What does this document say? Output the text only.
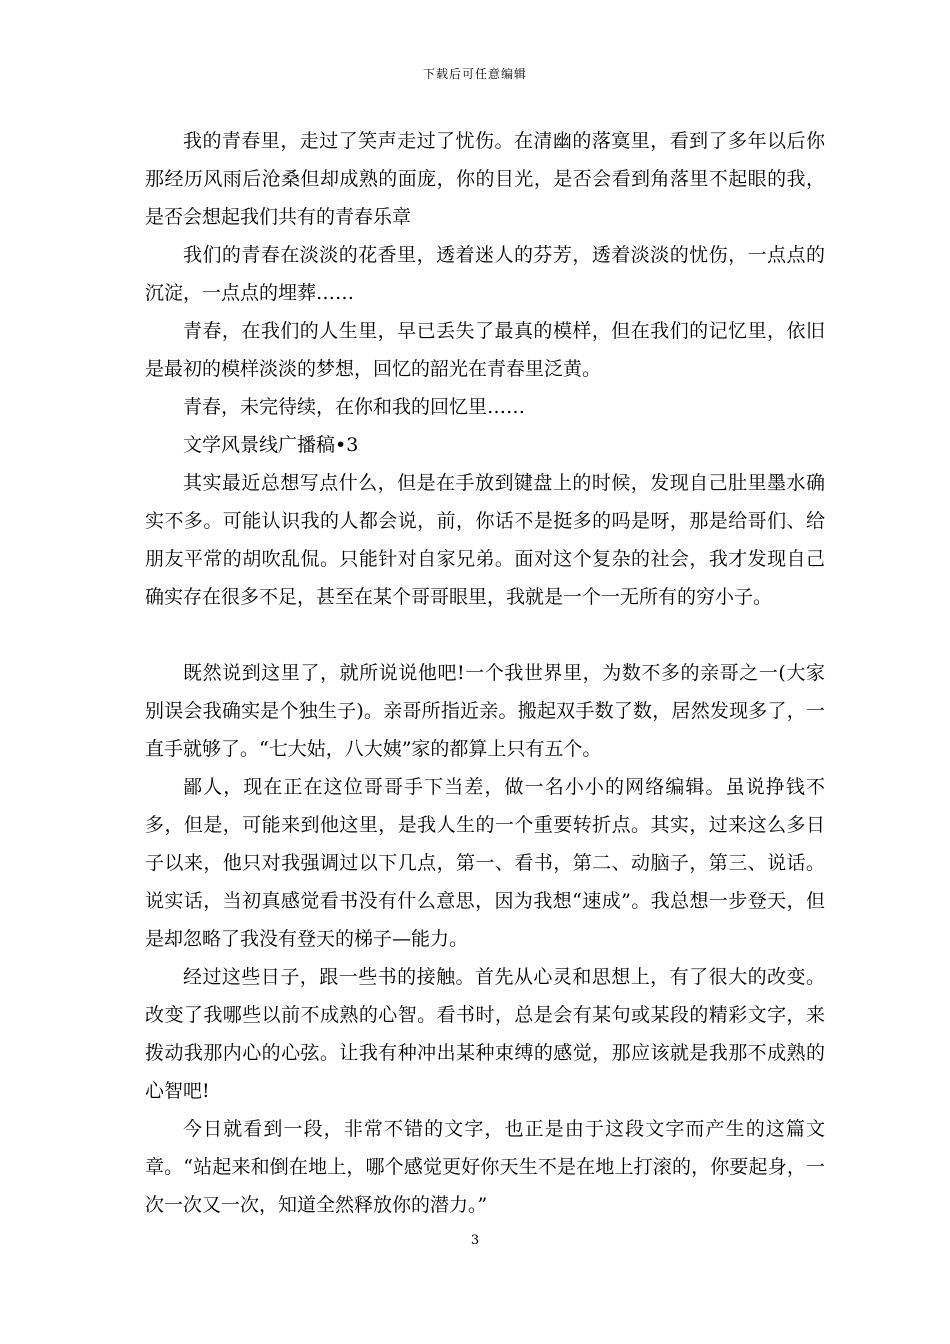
下载后可任意编辑

我的青春里，走过了笑声走过了忧伤。在清幽的落寞里，看到了多年以后你那经历风雨后沧桑但却成熟的面庞，你的目光，是否会看到角落里不起眼的我，是否会想起我们共有的青春乐章

我们的青春在淡淡的花香里，透着迷人的芬芳，透着淡淡的忧伤，一点点的沉淀，一点点的埋葬……

青春，在我们的人生里，早已丢失了最真的模样，但在我们的记忆里，依旧是最初的模样淡淡的梦想，回忆的韶光在青春里泛黄。

青春，未完待续，在你和我的回忆里……

文学风景线广播稿•3

其实最近总想写点什么，但是在手放到键盘上的时候，发现自己肚里墨水确实不多。可能认识我的人都会说，前，你话不是挺多的吗是呀，那是给哥们、给朋友平常的胡吹乱侃。只能针对自家兄弟。面对这个复杂的社会，我才发现自己确实存在很多不足，甚至在某个哥哥眼里，我就是一个一无所有的穷小子。

既然说到这里了，就所说说他吧!一个我世界里，为数不多的亲哥之一(大家别误会我确实是个独生子)。亲哥所指近亲。搬起双手数了数，居然发现多了，一直手就够了。“七大姑，八大姨”家的都算上只有五个。

鄙人，现在正在这位哥哥手下当差，做一名小小的网络编辑。虽说挣钱不多，但是，可能来到他这里，是我人生的一个重要转折点。其实，过来这么多日子以来，他只对我强调过以下几点，第一、看书，第二、动脑子，第三、说话。说实话，当初真感觉看书没有什么意思，因为我想“速成”。我总想一步登天，但是却忽略了我没有登天的梯子—能力。

经过这些日子，跟一些书的接触。首先从心灵和思想上，有了很大的改变。改变了我哪些以前不成熟的心智。看书时，总是会有某句或某段的精彩文字，来拨动我那内心的心弦。让我有种冲出某种束缚的感觉，那应该就是我那不成熟的心智吧!

今日就看到一段，非常不错的文字，也正是由于这段文字而产生的这篇文章。“站起来和倒在地上，哪个感觉更好你天生不是在地上打滚的，你要起身，一次一次又一次，知道全然释放你的潜力。”

3
